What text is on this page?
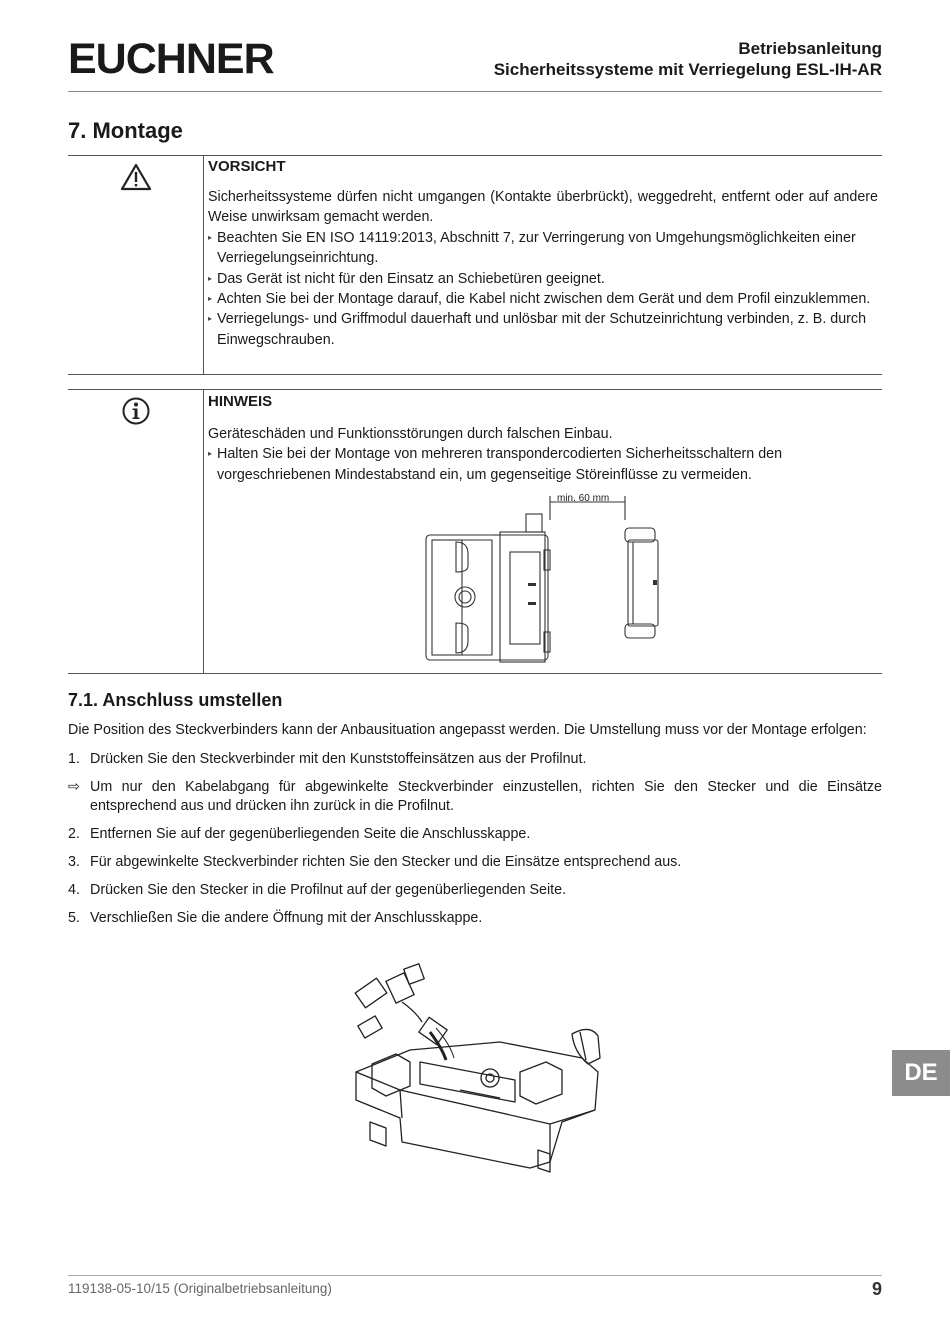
EUCHNER	Betriebsanleitung
Sicherheitssysteme mit Verriegelung ESL-IH-AR
7. Montage
VORSICHT

Sicherheitssysteme dürfen nicht umgangen (Kontakte überbrückt), weggedreht, entfernt oder auf andere Weise unwirksam gemacht werden.

▸ Beachten Sie EN ISO 14119:2013, Abschnitt 7, zur Verringerung von Umgehungsmöglichkeiten einer Verriegelungseinrichtung.
▸ Das Gerät ist nicht für den Einsatz an Schiebetüren geeignet.
▸ Achten Sie bei der Montage darauf, die Kabel nicht zwischen dem Gerät und dem Profil einzuklemmen.
▸ Verriegelungs- und Griffmodul dauerhaft und unlösbar mit der Schutzeinrichtung verbinden, z. B. durch Einwegschrauben.
HINWEIS

Geräteschäden und Funktionsstörungen durch falschen Einbau.

▸ Halten Sie bei der Montage von mehreren transpondercodierten Sicherheitsschaltern den vorgeschriebenen Mindestabstand ein, um gegenseitige Störeinflüsse zu vermeiden.
min. 60 mm
7.1. Anschluss umstellen
Die Position des Steckverbinders kann der Anbausituation angepasst werden. Die Umstellung muss vor der Montage erfolgen:
1. Drücken Sie den Steckverbinder mit den Kunststoffeinsätzen aus der Profilnut.
⇨ Um nur den Kabelabgang für abgewinkelte Steckverbinder einzustellen, richten Sie den Stecker und die Einsätze entsprechend aus und drücken ihn zurück in die Profilnut.
2. Entfernen Sie auf der gegenüberliegenden Seite die Anschlusskappe.
3. Für abgewinkelte Steckverbinder richten Sie den Stecker und die Einsätze entsprechend aus.
4. Drücken Sie den Stecker in die Profilnut auf der gegenüberliegenden Seite.
5. Verschließen Sie die andere Öffnung mit der Anschlusskappe.
DE
119138-05-10/15 (Originalbetriebsanleitung)	9
